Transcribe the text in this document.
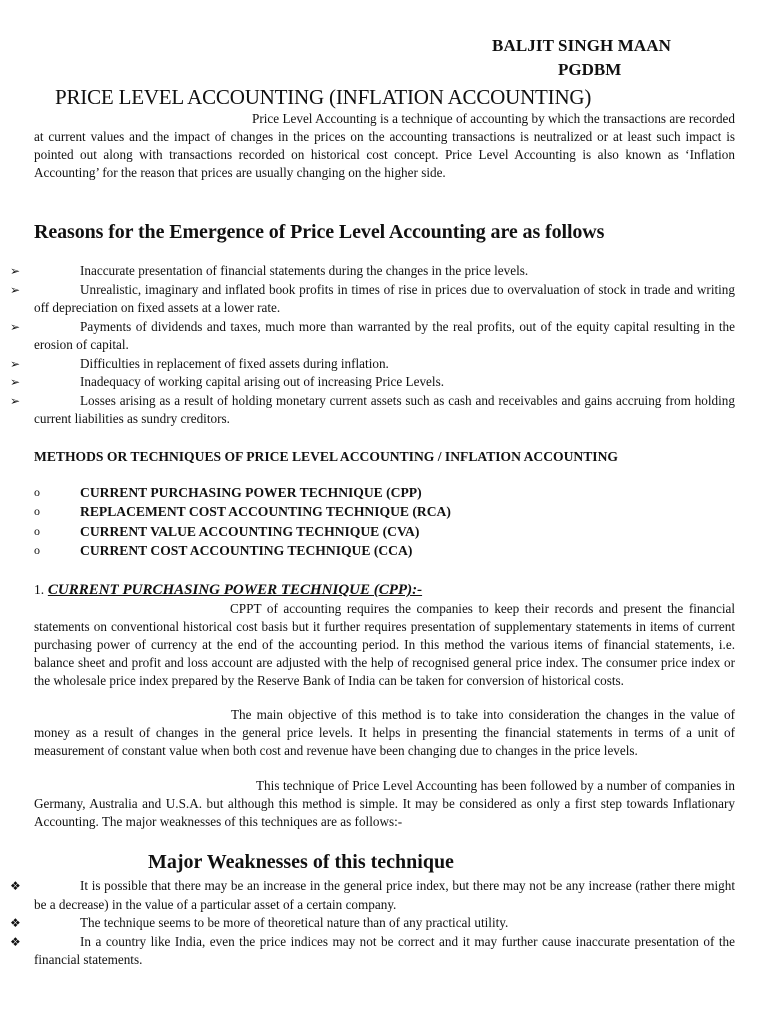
BALJIT SINGH MAAN
PGDBM
PRICE LEVEL ACCOUNTING (INFLATION ACCOUNTING)
Price Level Accounting is a technique of accounting by which the transactions are recorded at current values and the impact of changes in the prices on the accounting transactions is neutralized or at least such impact is pointed out along with transactions recorded on historical cost concept. Price Level Accounting is also known as ‘Inflation Accounting’ for the reason that prices are usually changing on the higher side.
Reasons for the Emergence of Price Level Accounting are as follows
➢	Inaccurate presentation of financial statements during the changes in the price levels.
➢	Unrealistic, imaginary and inflated book profits in times of rise in prices due to overvaluation of stock in trade and writing off depreciation on fixed assets at a lower rate.
➢	Payments of dividends and taxes, much more than warranted by the real profits, out of the equity capital resulting in the erosion of capital.
➢	Difficulties in replacement of fixed assets during inflation.
➢	Inadequacy of working capital arising out of increasing Price Levels.
➢	Losses arising as a result of holding monetary current assets such as cash and receivables and gains accruing from holding current liabilities as sundry creditors.
METHODS OR TECHNIQUES OF PRICE LEVEL ACCOUNTING / INFLATION ACCOUNTING
o	CURRENT PURCHASING POWER TECHNIQUE (CPP)
o	REPLACEMENT COST ACCOUNTING TECHNIQUE (RCA)
o	CURRENT VALUE ACCOUNTING TECHNIQUE (CVA)
o	CURRENT COST ACCOUNTING TECHNIQUE (CCA)
1. CURRENT PURCHASING POWER TECHNIQUE (CPP):-
CPPT of accounting requires the companies to keep their records and present the financial statements on conventional historical cost basis but it further requires presentation of supplementary statements in items of current purchasing power of currency at the end of the accounting period. In this method the various items of financial statements, i.e. balance sheet and profit and loss account are adjusted with the help of recognised general price index. The consumer price index or the wholesale price index prepared by the Reserve Bank of India can be taken for conversion of historical costs.
The main objective of this method is to take into consideration the changes in the value of money as a result of changes in the general price levels. It helps in presenting the financial statements in terms of a unit of measurement of constant value when both cost and revenue have been changing due to changes in the price levels.
This technique of Price Level Accounting has been followed by a number of companies in Germany, Australia and U.S.A. but although this method is simple. It may be considered as only a first step towards Inflationary Accounting. The major weaknesses of this techniques are as follows:-
Major Weaknesses of this technique
❖	It is possible that there may be an increase in the general price index, but there may not be any increase (rather there might be a decrease) in the value of a particular asset of a certain company.
❖	The technique seems to be more of theoretical nature than of any practical utility.
❖	In a country like India, even the price indices may not be correct and it may further cause inaccurate presentation of the financial statements.
